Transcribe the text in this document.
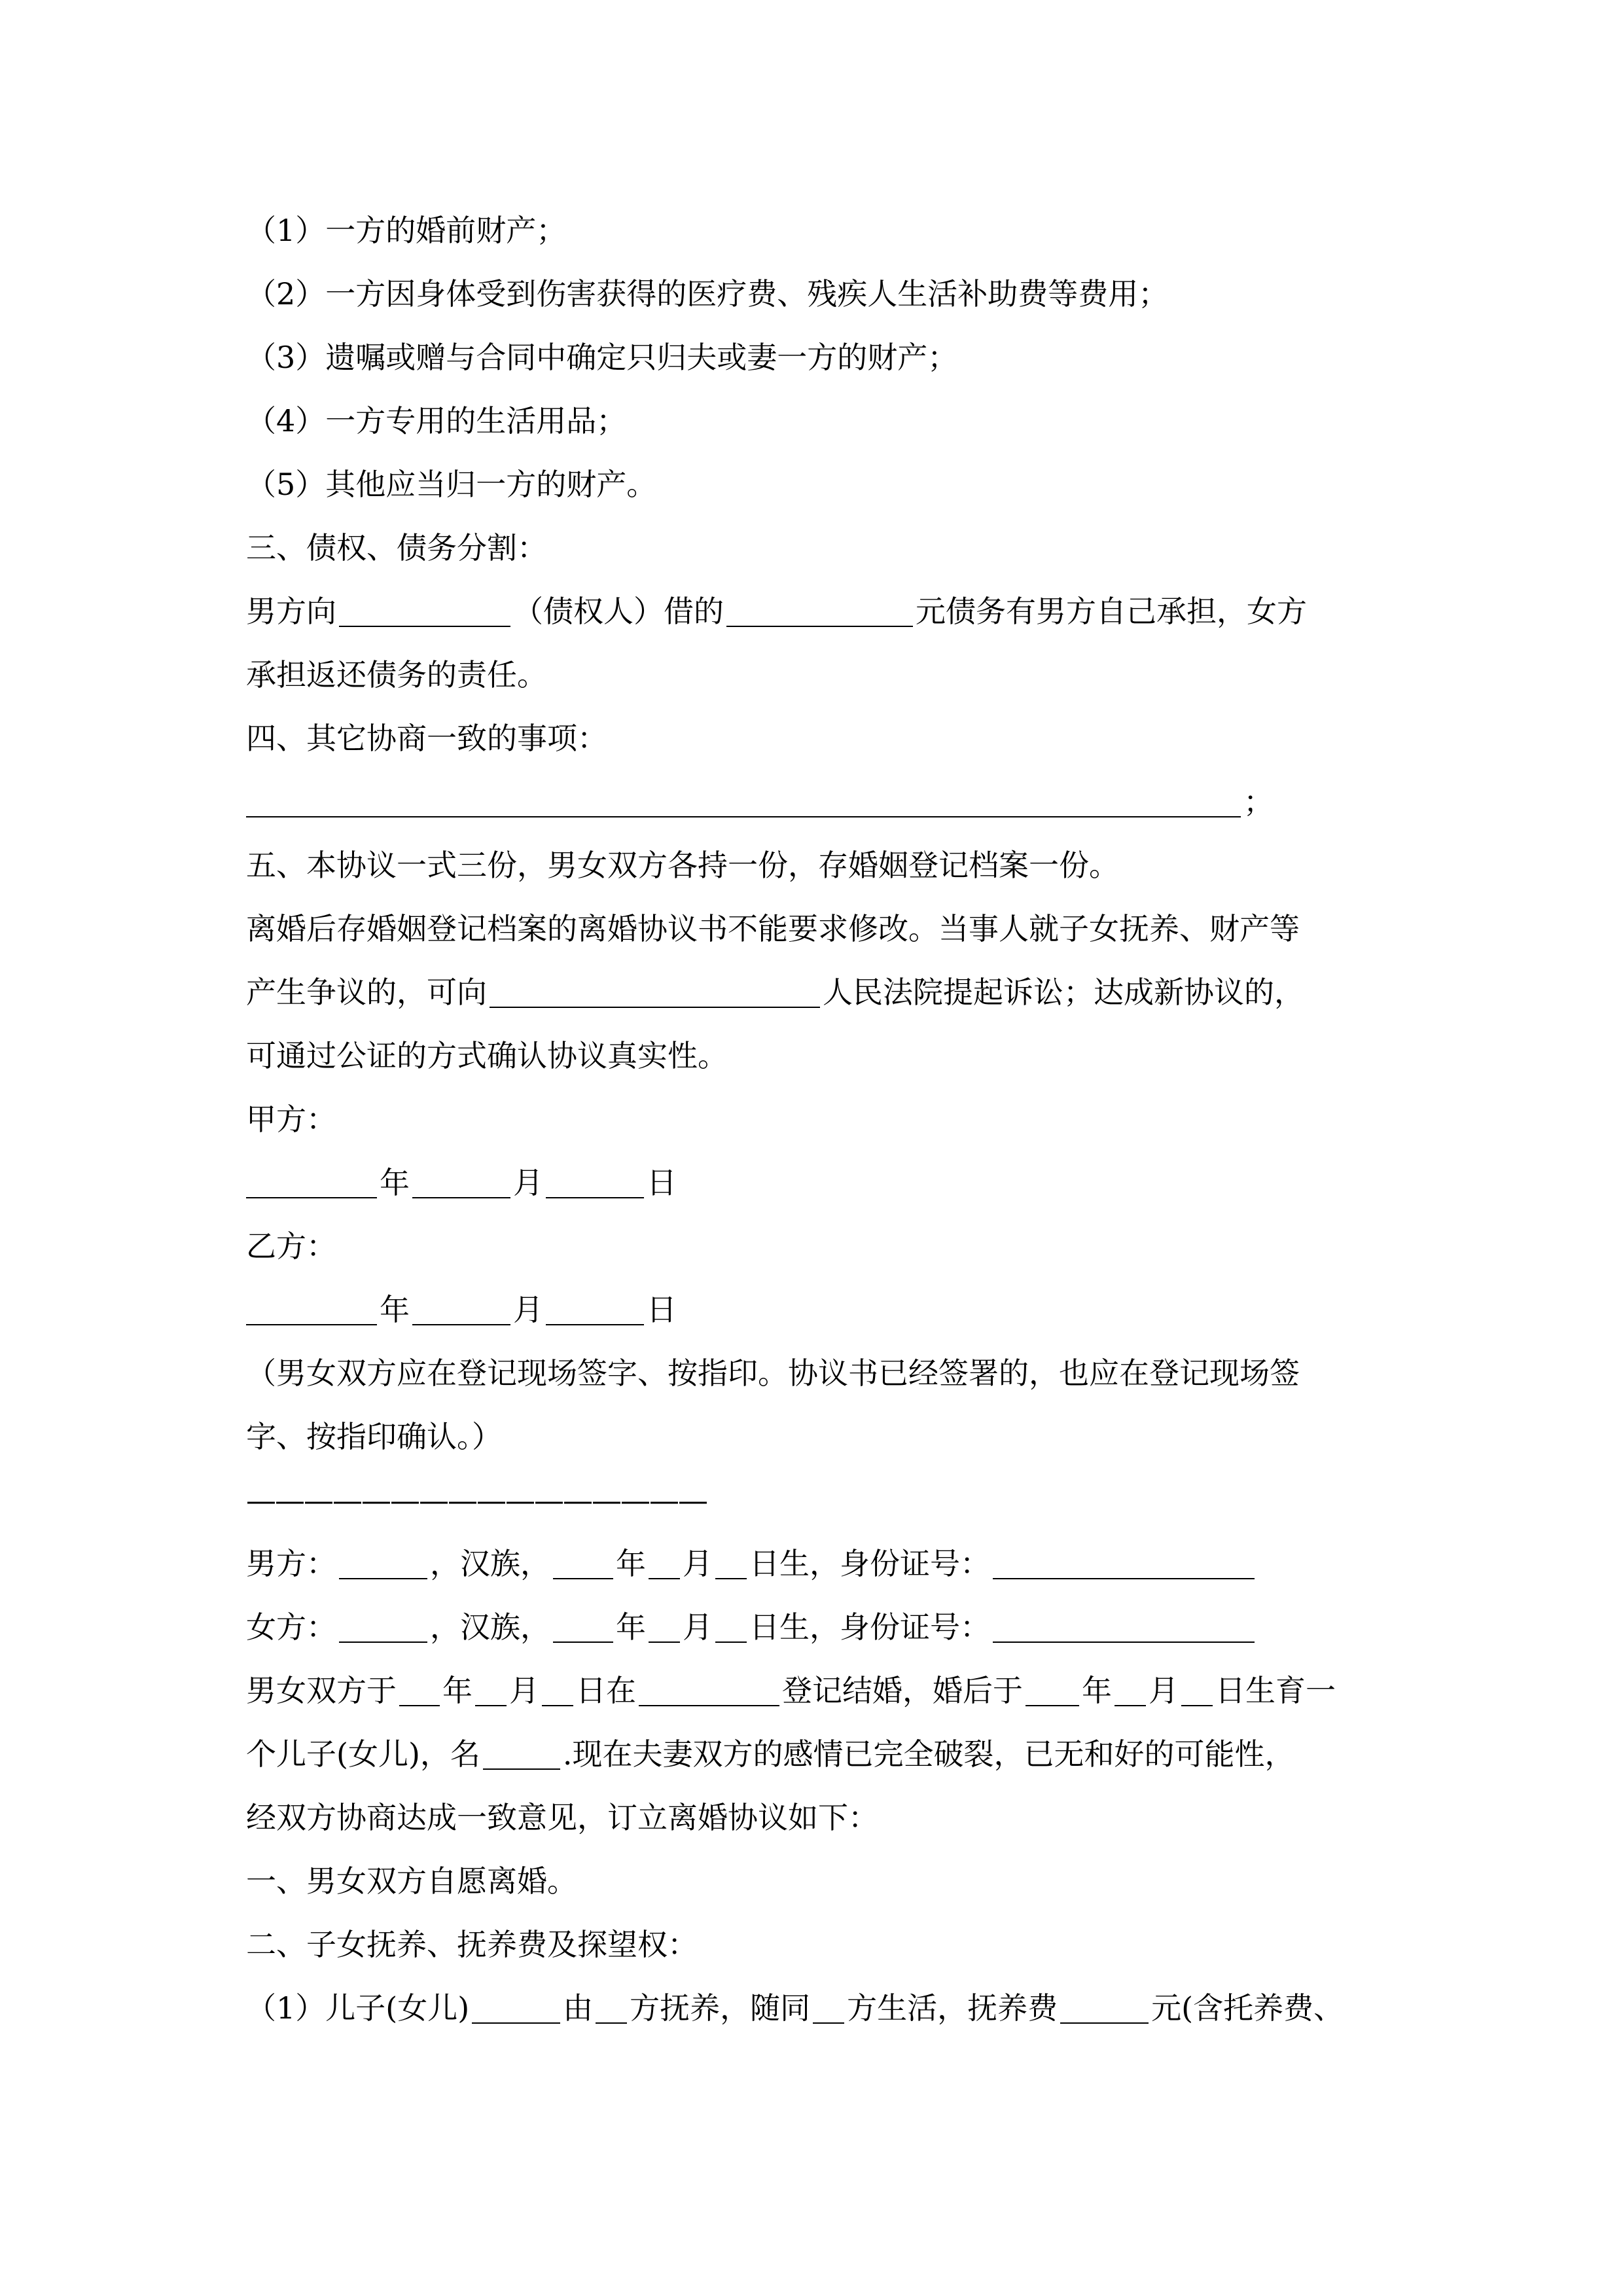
（1）一方的婚前财产；
（2）一方因身体受到伤害获得的医疗费、残疾人生活补助费等费用；
（3）遗嘱或赠与合同中确定只归夫或妻一方的财产；
（4）一方专用的生活用品；
（5）其他应当归一方的财产。
三、债权、债务分割：
男方向	（债权人）借的	元债务有男方自己承担，女方
承担返还债务的责任。
四、其它协商一致的事项：
；
五、本协议一式三份，男女双方各持一份，存婚姻登记档案一份。
离婚后存婚姻登记档案的离婚协议书不能要求修改。当事人就子女抚养、财产等
产生争议的，可向	人民法院提起诉讼；达成新协议的，
可通过公证的方式确认协议真实性。
甲方：
年	月	日
乙方：
年	月	日
（男女双方应在登记现场签字、按指印。协议书已经签署的，也应在登记现场签
字、按指印确认。）
————————————————
男方：	，汉族， 年 月 日生，身份证号：
女方：	，汉族， 年 月 日生，身份证号：
男女双方于 年 月 日在	登记结婚，婚后于 年 月 日生育一
个儿子(女儿)，名	.现在夫妻双方的感情已完全破裂，已无和好的可能性，
经双方协商达成一致意见，订立离婚协议如下：
一、男女双方自愿离婚。
二、子女抚养、抚养费及探望权：
（1）儿子(女儿)	由 方抚养，随同 方生活，抚养费	元(含托养费、
